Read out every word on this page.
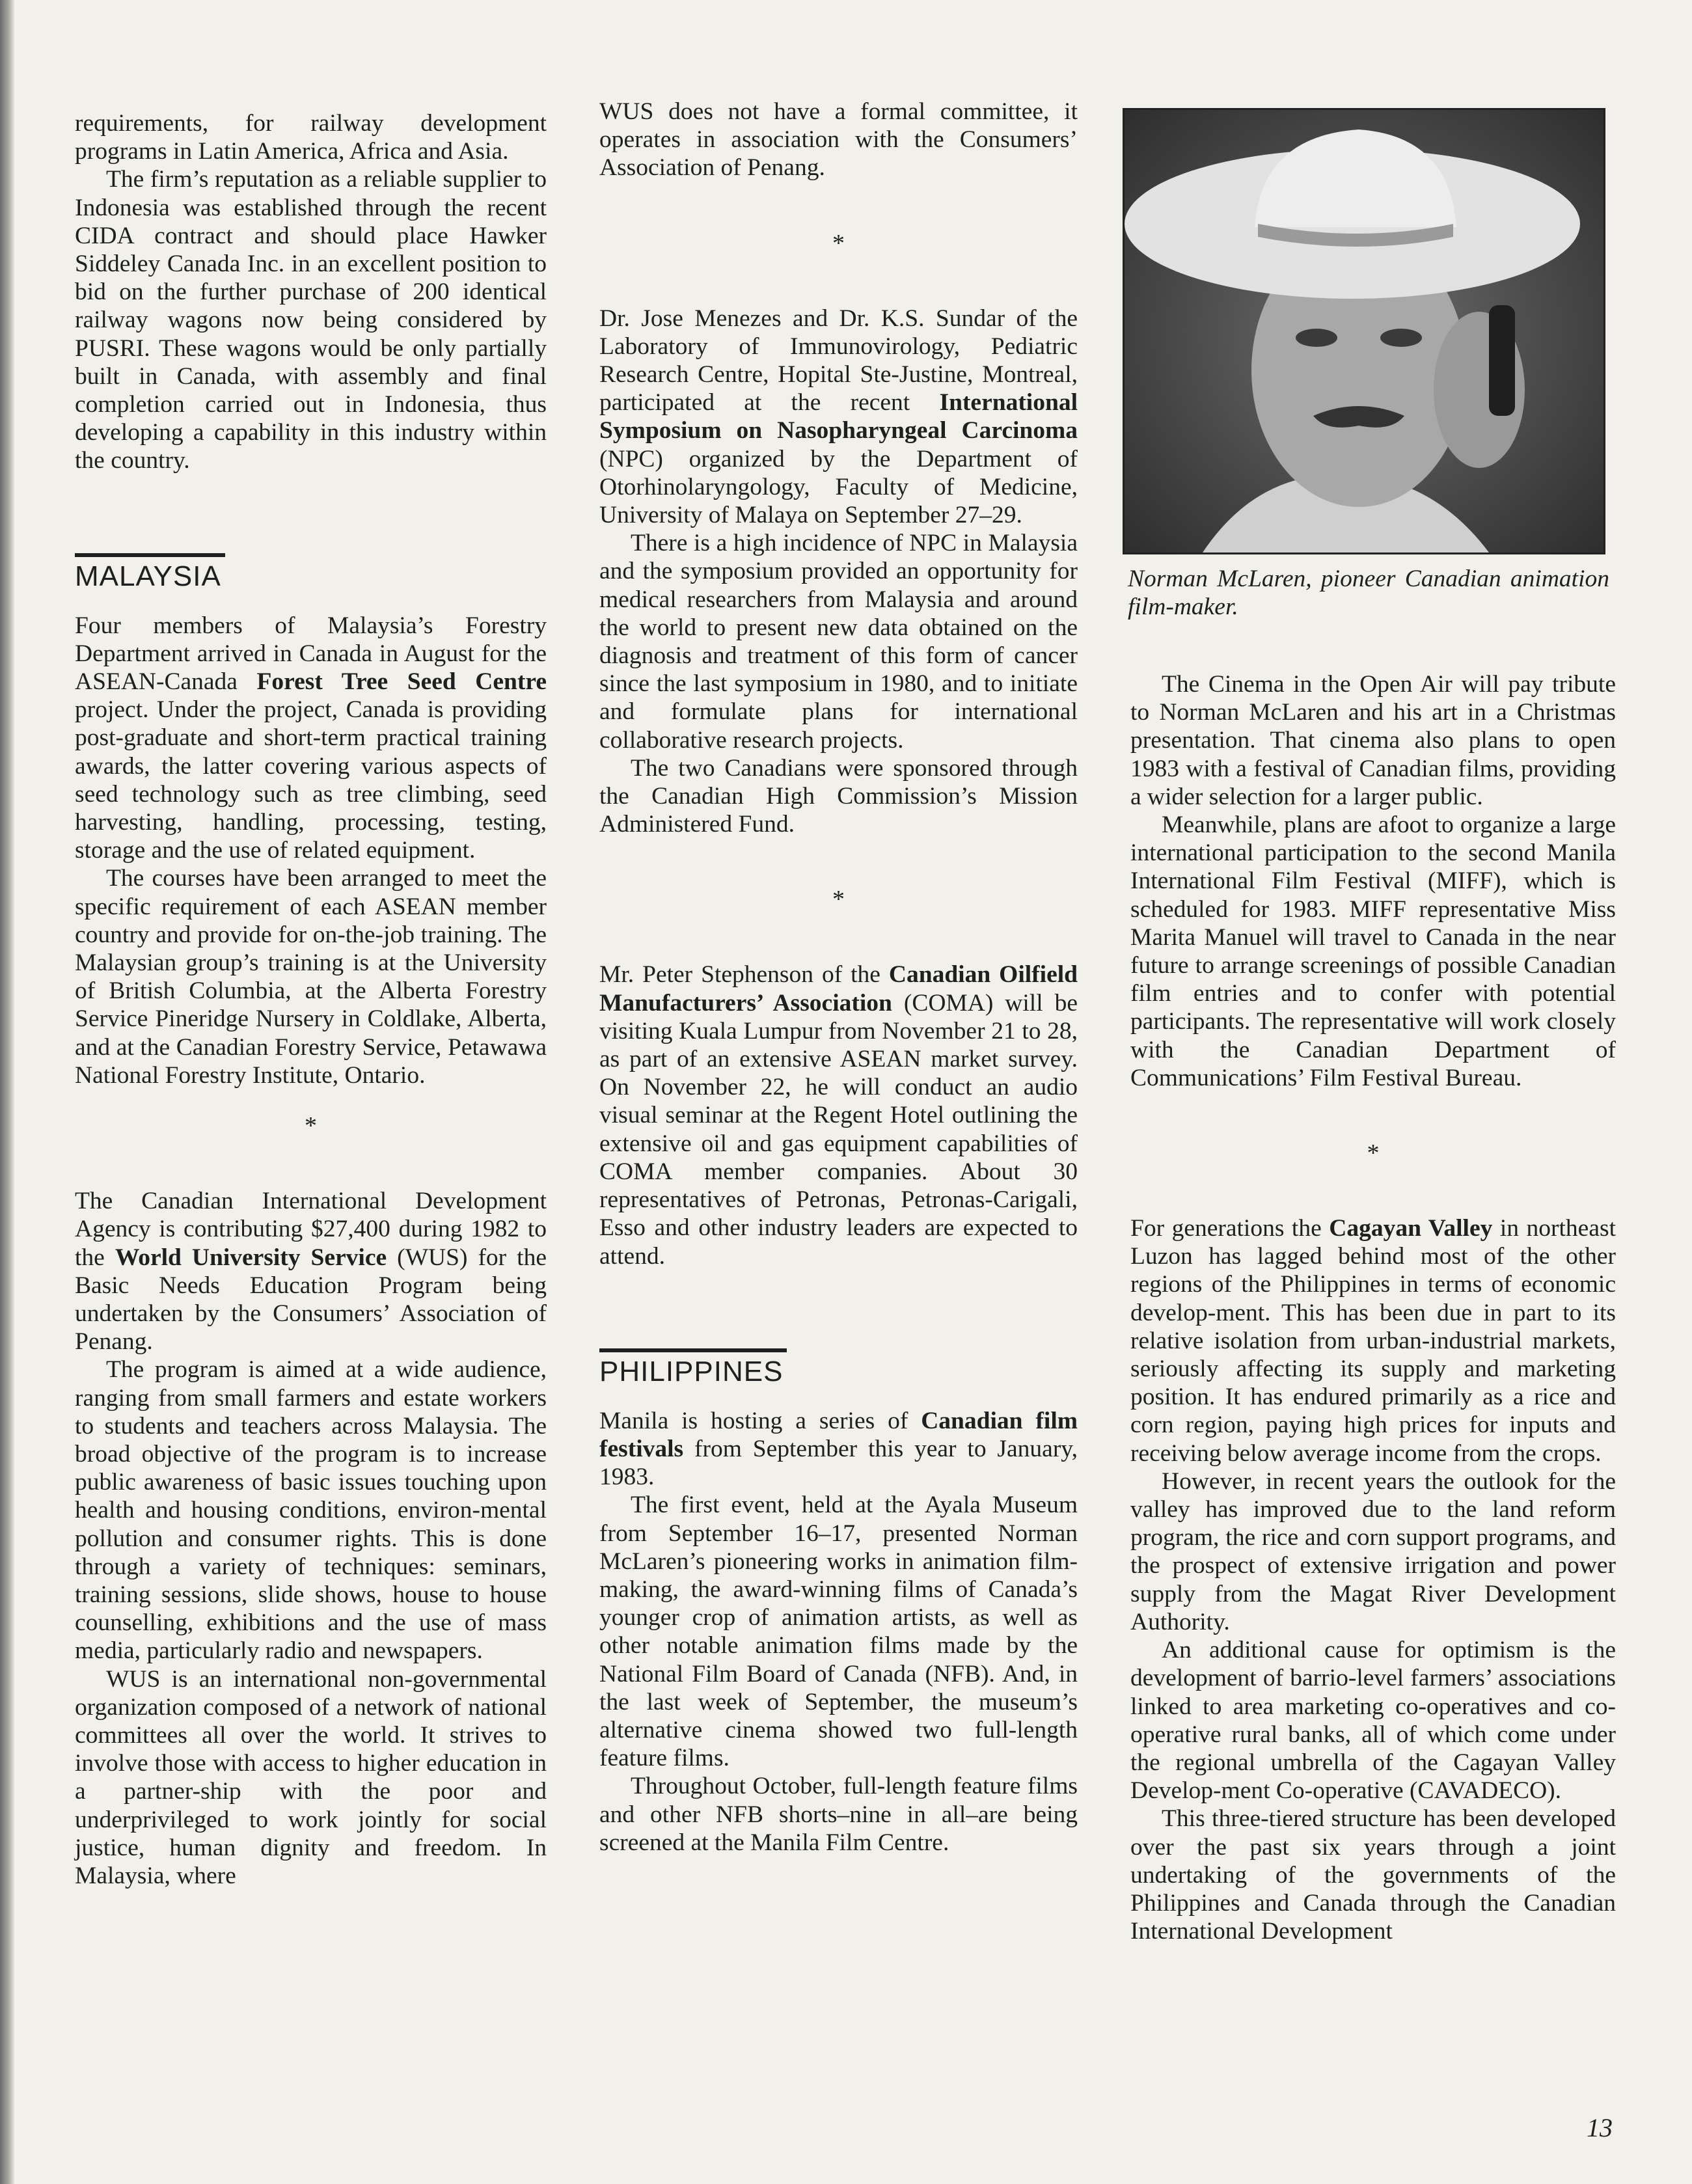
requirements, for railway development programs in Latin America, Africa and Asia.

The firm’s reputation as a reliable supplier to Indonesia was established through the recent CIDA contract and should place Hawker Siddeley Canada Inc. in an excellent position to bid on the further purchase of 200 identical railway wagons now being considered by PUSRI. These wagons would be only partially built in Canada, with assembly and final completion carried out in Indonesia, thus developing a capability in this industry within the country.

MALAYSIA

Four members of Malaysia’s Forestry Department arrived in Canada in August for the ASEAN-Canada Forest Tree Seed Centre project. Under the project, Canada is providing post-graduate and short-term practical training awards, the latter covering various aspects of seed technology such as tree climbing, seed harvesting, handling, processing, testing, storage and the use of related equipment.

The courses have been arranged to meet the specific requirement of each ASEAN member country and provide for on-the-job training. The Malaysian group’s training is at the University of British Columbia, at the Alberta Forestry Service Pineridge Nursery in Coldlake, Alberta, and at the Canadian Forestry Service, Petawawa National Forestry Institute, Ontario.

*

The Canadian International Development Agency is contributing $27,400 during 1982 to the World University Service (WUS) for the Basic Needs Education Program being undertaken by the Consumers’ Association of Penang.

The program is aimed at a wide audience, ranging from small farmers and estate workers to students and teachers across Malaysia. The broad objective of the program is to increase public awareness of basic issues touching upon health and housing conditions, environ-mental pollution and consumer rights. This is done through a variety of techniques: seminars, training sessions, slide shows, house to house counselling, exhibitions and the use of mass media, particularly radio and newspapers.

WUS is an international non-governmental organization composed of a network of national committees all over the world. It strives to involve those with access to higher education in a partner-ship with the poor and underprivileged to work jointly for social justice, human dignity and freedom. In Malaysia, where

WUS does not have a formal committee, it operates in association with the Consumers’ Association of Penang.

*

Dr. Jose Menezes and Dr. K.S. Sundar of the Laboratory of Immunovirology, Pediatric Research Centre, Hopital Ste-Justine, Montreal, participated at the recent International Symposium on Nasopharyngeal Carcinoma (NPC) organized by the Department of Otorhinolaryngology, Faculty of Medicine, University of Malaya on September 27–29.

There is a high incidence of NPC in Malaysia and the symposium provided an opportunity for medical researchers from Malaysia and around the world to present new data obtained on the diagnosis and treatment of this form of cancer since the last symposium in 1980, and to initiate and formulate plans for international collaborative research projects.

The two Canadians were sponsored through the Canadian High Commission’s Mission Administered Fund.

*

Mr. Peter Stephenson of the Canadian Oilfield Manufacturers’ Association (COMA) will be visiting Kuala Lumpur from November 21 to 28, as part of an extensive ASEAN market survey. On November 22, he will conduct an audio visual seminar at the Regent Hotel outlining the extensive oil and gas equipment capabilities of COMA member companies. About 30 representatives of Petronas, Petronas-Carigali, Esso and other industry leaders are expected to attend.

PHILIPPINES

Manila is hosting a series of Canadian film festivals from September this year to January, 1983.

The first event, held at the Ayala Museum from September 16–17, presented Norman McLaren’s pioneering works in animation film-making, the award-winning films of Canada’s younger crop of animation artists, as well as other notable animation films made by the National Film Board of Canada (NFB). And, in the last week of September, the museum’s alternative cinema showed two full-length feature films.

Throughout October, full-length feature films and other NFB shorts–nine in all–are being screened at the Manila Film Centre.

Norman McLaren, pioneer Canadian animation film-maker.

The Cinema in the Open Air will pay tribute to Norman McLaren and his art in a Christmas presentation. That cinema also plans to open 1983 with a festival of Canadian films, providing a wider selection for a larger public.

Meanwhile, plans are afoot to organize a large international participation to the second Manila International Film Festival (MIFF), which is scheduled for 1983. MIFF representative Miss Marita Manuel will travel to Canada in the near future to arrange screenings of possible Canadian film entries and to confer with potential participants. The representative will work closely with the Canadian Department of Communications’ Film Festival Bureau.

*

For generations the Cagayan Valley in northeast Luzon has lagged behind most of the other regions of the Philippines in terms of economic develop-ment. This has been due in part to its relative isolation from urban-industrial markets, seriously affecting its supply and marketing position. It has endured primarily as a rice and corn region, paying high prices for inputs and receiving below average income from the crops.

However, in recent years the outlook for the valley has improved due to the land reform program, the rice and corn support programs, and the prospect of extensive irrigation and power supply from the Magat River Development Authority.

An additional cause for optimism is the development of barrio-level farmers’ associations linked to area marketing co-operatives and co-operative rural banks, all of which come under the regional umbrella of the Cagayan Valley Develop-ment Co-operative (CAVADECO).

This three-tiered structure has been developed over the past six years through a joint undertaking of the governments of the Philippines and Canada through the Canadian International Development

13
